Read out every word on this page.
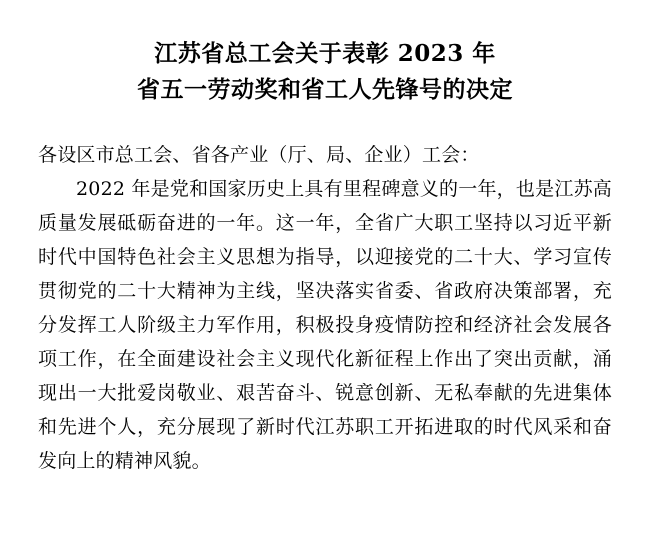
江苏省总工会关于表彰 2023 年
省五一劳动奖和省工人先锋号的决定

各设区市总工会、省各产业（厅、局、企业）工会：

2022 年是党和国家历史上具有里程碑意义的一年，也是江苏高质量发展砥砺奋进的一年。这一年，全省广大职工坚持以习近平新时代中国特色社会主义思想为指导，以迎接党的二十大、学习宣传贯彻党的二十大精神为主线，坚决落实省委、省政府决策部署，充分发挥工人阶级主力军作用，积极投身疫情防控和经济社会发展各项工作，在全面建设社会主义现代化新征程上作出了突出贡献，涌现出一大批爱岗敬业、艰苦奋斗、锐意创新、无私奉献的先进集体和先进个人，充分展现了新时代江苏职工开拓进取的时代风采和奋发向上的精神风貌。
